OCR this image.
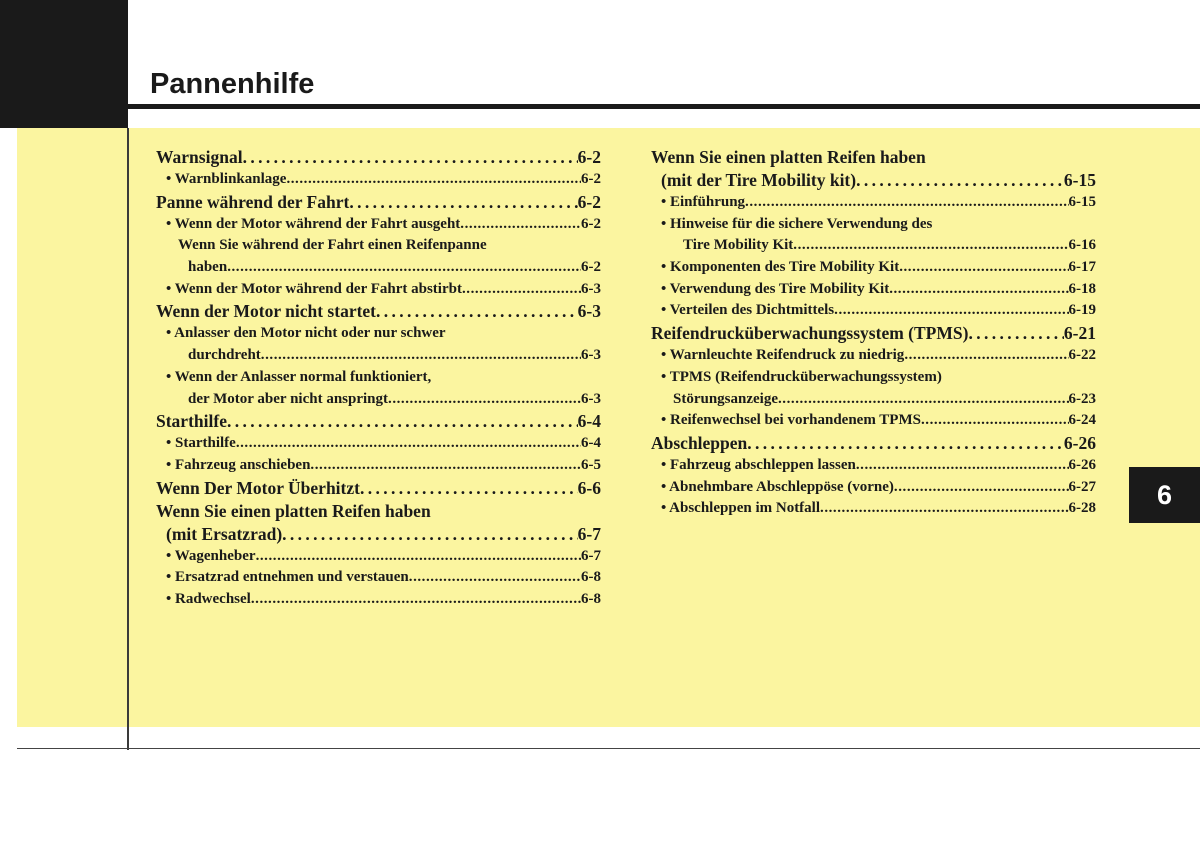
Pannenhilfe
Warnsignal . . .	6-2
• Warnblinkanlage . . .	6-2
Panne während der Fahrt . . .	6-2
• Wenn der Motor während der Fahrt ausgeht . . .	6-2
Wenn Sie während der Fahrt einen Reifenpanne
haben . . .	6-2
• Wenn der Motor während der Fahrt abstirbt . . .	6-3
Wenn der Motor nicht startet . . .	6-3
• Anlasser den Motor nicht oder nur schwer
durchdreht . . .	6-3
• Wenn der Anlasser normal funktioniert,
der Motor aber nicht anspringt . . .	6-3
Starthilfe . . .	6-4
• Starthilfe . . .	6-4
• Fahrzeug anschieben . . .	6-5
Wenn Der Motor Überhitzt . . .	6-6
Wenn Sie einen platten Reifen haben
(mit Ersatzrad) . . .	6-7
• Wagenheber . . .	6-7
• Ersatzrad entnehmen und verstauen . . .	6-8
• Radwechsel . . .	6-8
Wenn Sie einen platten Reifen haben
(mit der Tire Mobility kit) . . .	6-15
• Einführung . . .	6-15
• Hinweise für die sichere Verwendung des
Tire Mobility Kit . . .	6-16
• Komponenten des Tire Mobility Kit . . .	6-17
• Verwendung des Tire Mobility Kit . . .	6-18
• Verteilen des Dichtmittels . . .	6-19
Reifendrucküberwachungssystem (TPMS) . . .	6-21
• Warnleuchte Reifendruck zu niedrig . . .	6-22
• TPMS (Reifendrucküberwachungssystem)
Störungsanzeige . . .	6-23
• Reifenwechsel bei vorhandenem TPMS . . .	6-24
Abschleppen . . .	6-26
• Fahrzeug abschleppen lassen . . .	6-26
• Abnehmbare Abschleppöse (vorne) . . .	6-27
• Abschleppen im Notfall . . .	6-28	6
